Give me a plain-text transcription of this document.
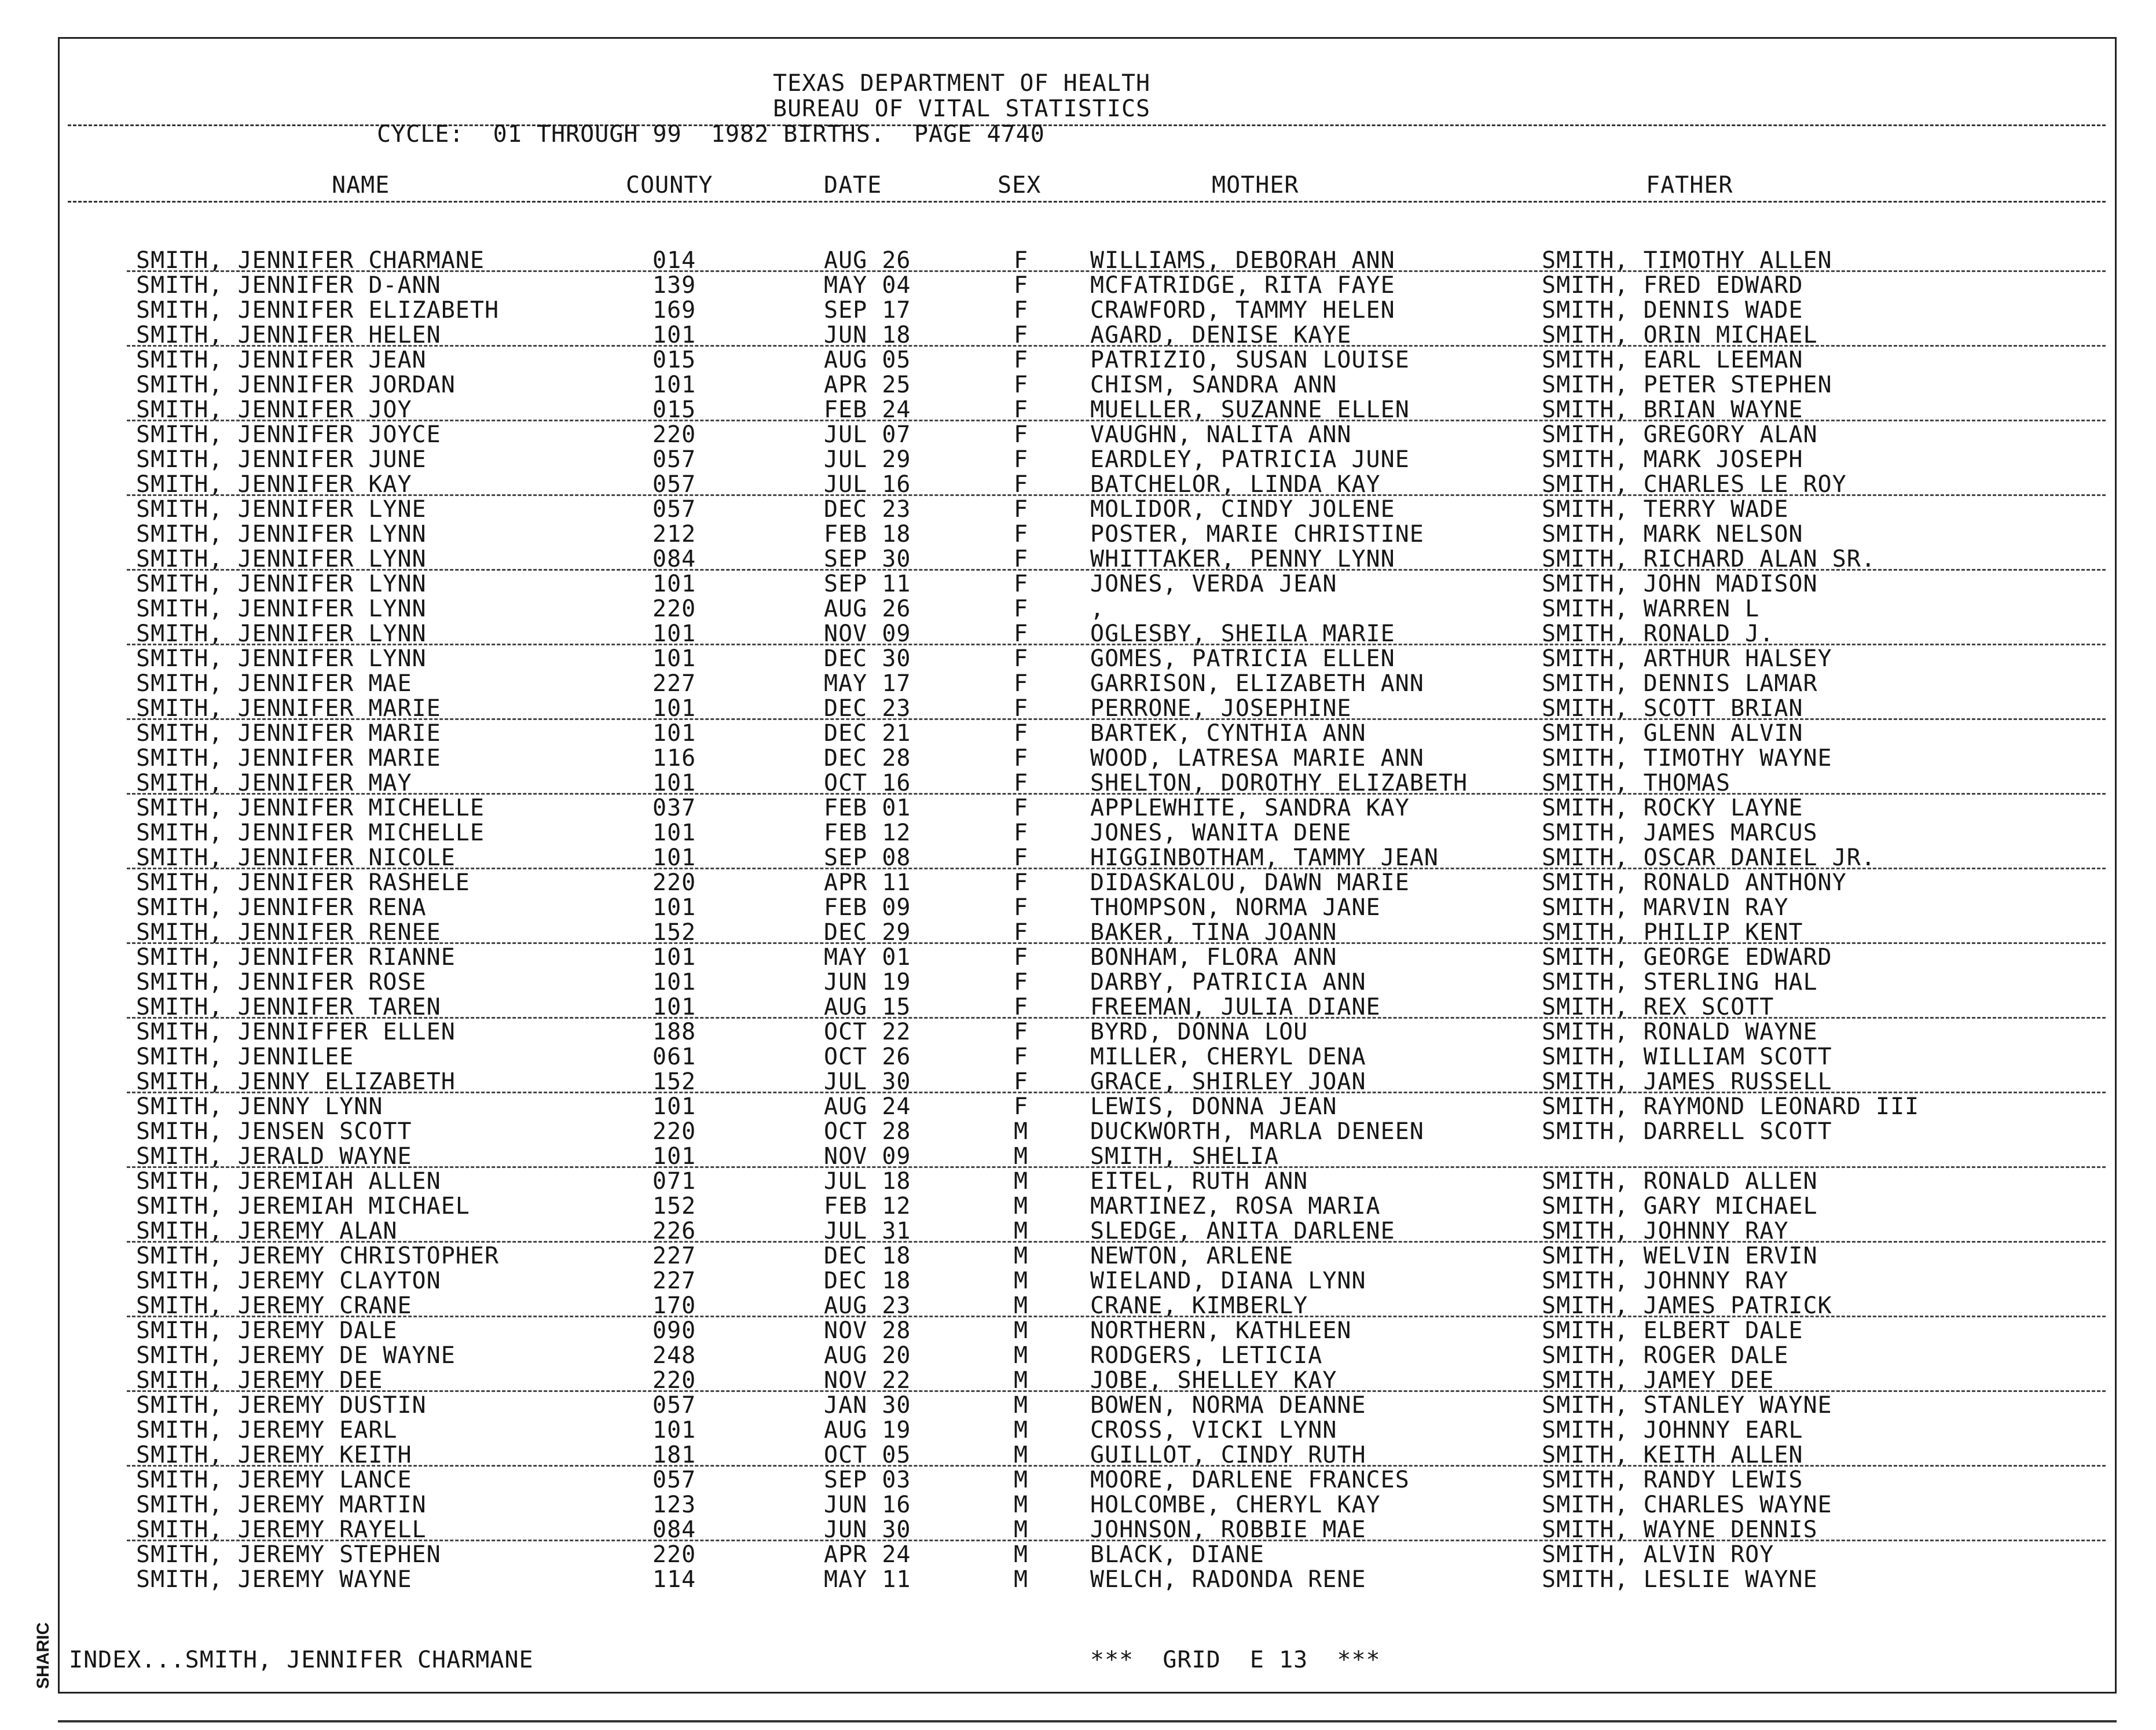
TEXAS DEPARTMENT OF HEALTH
BUREAU OF VITAL STATISTICS
CYCLE:  01 THROUGH 99  1982 BIRTHS.  PAGE 4740
NAME	COUNTY	DATE	SEX	MOTHER	FATHER
SMITH, JENNIFER CHARMANE	014	AUG 26	F	WILLIAMS, DEBORAH ANN	SMITH, TIMOTHY ALLEN
SMITH, JENNIFER D-ANN	139	MAY 04	F	MCFATRIDGE, RITA FAYE	SMITH, FRED EDWARD
SMITH, JENNIFER ELIZABETH	169	SEP 17	F	CRAWFORD, TAMMY HELEN	SMITH, DENNIS WADE
SMITH, JENNIFER HELEN	101	JUN 18	F	AGARD, DENISE KAYE	SMITH, ORIN MICHAEL
SMITH, JENNIFER JEAN	015	AUG 05	F	PATRIZIO, SUSAN LOUISE	SMITH, EARL LEEMAN
SMITH, JENNIFER JORDAN	101	APR 25	F	CHISM, SANDRA ANN	SMITH, PETER STEPHEN
SMITH, JENNIFER JOY	015	FEB 24	F	MUELLER, SUZANNE ELLEN	SMITH, BRIAN WAYNE
SMITH, JENNIFER JOYCE	220	JUL 07	F	VAUGHN, NALITA ANN	SMITH, GREGORY ALAN
SMITH, JENNIFER JUNE	057	JUL 29	F	EARDLEY, PATRICIA JUNE	SMITH, MARK JOSEPH
SMITH, JENNIFER KAY	057	JUL 16	F	BATCHELOR, LINDA KAY	SMITH, CHARLES LE ROY
SMITH, JENNIFER LYNE	057	DEC 23	F	MOLIDOR, CINDY JOLENE	SMITH, TERRY WADE
SMITH, JENNIFER LYNN	212	FEB 18	F	POSTER, MARIE CHRISTINE	SMITH, MARK NELSON
SMITH, JENNIFER LYNN	084	SEP 30	F	WHITTAKER, PENNY LYNN	SMITH, RICHARD ALAN SR.
SMITH, JENNIFER LYNN	101	SEP 11	F	JONES, VERDA JEAN	SMITH, JOHN MADISON
SMITH, JENNIFER LYNN	220	AUG 26	F	,	SMITH, WARREN L
SMITH, JENNIFER LYNN	101	NOV 09	F	OGLESBY, SHEILA MARIE	SMITH, RONALD J.
SMITH, JENNIFER LYNN	101	DEC 30	F	GOMES, PATRICIA ELLEN	SMITH, ARTHUR HALSEY
SMITH, JENNIFER MAE	227	MAY 17	F	GARRISON, ELIZABETH ANN	SMITH, DENNIS LAMAR
SMITH, JENNIFER MARIE	101	DEC 23	F	PERRONE, JOSEPHINE	SMITH, SCOTT BRIAN
SMITH, JENNIFER MARIE	101	DEC 21	F	BARTEK, CYNTHIA ANN	SMITH, GLENN ALVIN
SMITH, JENNIFER MARIE	116	DEC 28	F	WOOD, LATRESA MARIE ANN	SMITH, TIMOTHY WAYNE
SMITH, JENNIFER MAY	101	OCT 16	F	SHELTON, DOROTHY ELIZABETH	SMITH, THOMAS
SMITH, JENNIFER MICHELLE	037	FEB 01	F	APPLEWHITE, SANDRA KAY	SMITH, ROCKY LAYNE
SMITH, JENNIFER MICHELLE	101	FEB 12	F	JONES, WANITA DENE	SMITH, JAMES MARCUS
SMITH, JENNIFER NICOLE	101	SEP 08	F	HIGGINBOTHAM, TAMMY JEAN	SMITH, OSCAR DANIEL JR.
SMITH, JENNIFER RASHELE	220	APR 11	F	DIDASKALOU, DAWN MARIE	SMITH, RONALD ANTHONY
SMITH, JENNIFER RENA	101	FEB 09	F	THOMPSON, NORMA JANE	SMITH, MARVIN RAY
SMITH, JENNIFER RENEE	152	DEC 29	F	BAKER, TINA JOANN	SMITH, PHILIP KENT
SMITH, JENNIFER RIANNE	101	MAY 01	F	BONHAM, FLORA ANN	SMITH, GEORGE EDWARD
SMITH, JENNIFER ROSE	101	JUN 19	F	DARBY, PATRICIA ANN	SMITH, STERLING HAL
SMITH, JENNIFER TAREN	101	AUG 15	F	FREEMAN, JULIA DIANE	SMITH, REX SCOTT
SMITH, JENNIFFER ELLEN	188	OCT 22	F	BYRD, DONNA LOU	SMITH, RONALD WAYNE
SMITH, JENNILEE	061	OCT 26	F	MILLER, CHERYL DENA	SMITH, WILLIAM SCOTT
SMITH, JENNY ELIZABETH	152	JUL 30	F	GRACE, SHIRLEY JOAN	SMITH, JAMES RUSSELL
SMITH, JENNY LYNN	101	AUG 24	F	LEWIS, DONNA JEAN	SMITH, RAYMOND LEONARD III
SMITH, JENSEN SCOTT	220	OCT 28	M	DUCKWORTH, MARLA DENEEN	SMITH, DARRELL SCOTT
SMITH, JERALD WAYNE	101	NOV 09	M	SMITH, SHELIA
SMITH, JEREMIAH ALLEN	071	JUL 18	M	EITEL, RUTH ANN	SMITH, RONALD ALLEN
SMITH, JEREMIAH MICHAEL	152	FEB 12	M	MARTINEZ, ROSA MARIA	SMITH, GARY MICHAEL
SMITH, JEREMY ALAN	226	JUL 31	M	SLEDGE, ANITA DARLENE	SMITH, JOHNNY RAY
SMITH, JEREMY CHRISTOPHER	227	DEC 18	M	NEWTON, ARLENE	SMITH, WELVIN ERVIN
SMITH, JEREMY CLAYTON	227	DEC 18	M	WIELAND, DIANA LYNN	SMITH, JOHNNY RAY
SMITH, JEREMY CRANE	170	AUG 23	M	CRANE, KIMBERLY	SMITH, JAMES PATRICK
SMITH, JEREMY DALE	090	NOV 28	M	NORTHERN, KATHLEEN	SMITH, ELBERT DALE
SMITH, JEREMY DE WAYNE	248	AUG 20	M	RODGERS, LETICIA	SMITH, ROGER DALE
SMITH, JEREMY DEE	220	NOV 22	M	JOBE, SHELLEY KAY	SMITH, JAMEY DEE
SMITH, JEREMY DUSTIN	057	JAN 30	M	BOWEN, NORMA DEANNE	SMITH, STANLEY WAYNE
SMITH, JEREMY EARL	101	AUG 19	M	CROSS, VICKI LYNN	SMITH, JOHNNY EARL
SMITH, JEREMY KEITH	181	OCT 05	M	GUILLOT, CINDY RUTH	SMITH, KEITH ALLEN
SMITH, JEREMY LANCE	057	SEP 03	M	MOORE, DARLENE FRANCES	SMITH, RANDY LEWIS
SMITH, JEREMY MARTIN	123	JUN 16	M	HOLCOMBE, CHERYL KAY	SMITH, CHARLES WAYNE
SMITH, JEREMY RAYELL	084	JUN 30	M	JOHNSON, ROBBIE MAE	SMITH, WAYNE DENNIS
SMITH, JEREMY STEPHEN	220	APR 24	M	BLACK, DIANE	SMITH, ALVIN ROY
SMITH, JEREMY WAYNE	114	MAY 11	M	WELCH, RADONDA RENE	SMITH, LESLIE WAYNE
INDEX...SMITH, JENNIFER CHARMANE	***  GRID  E 13  ***
SHARIC
